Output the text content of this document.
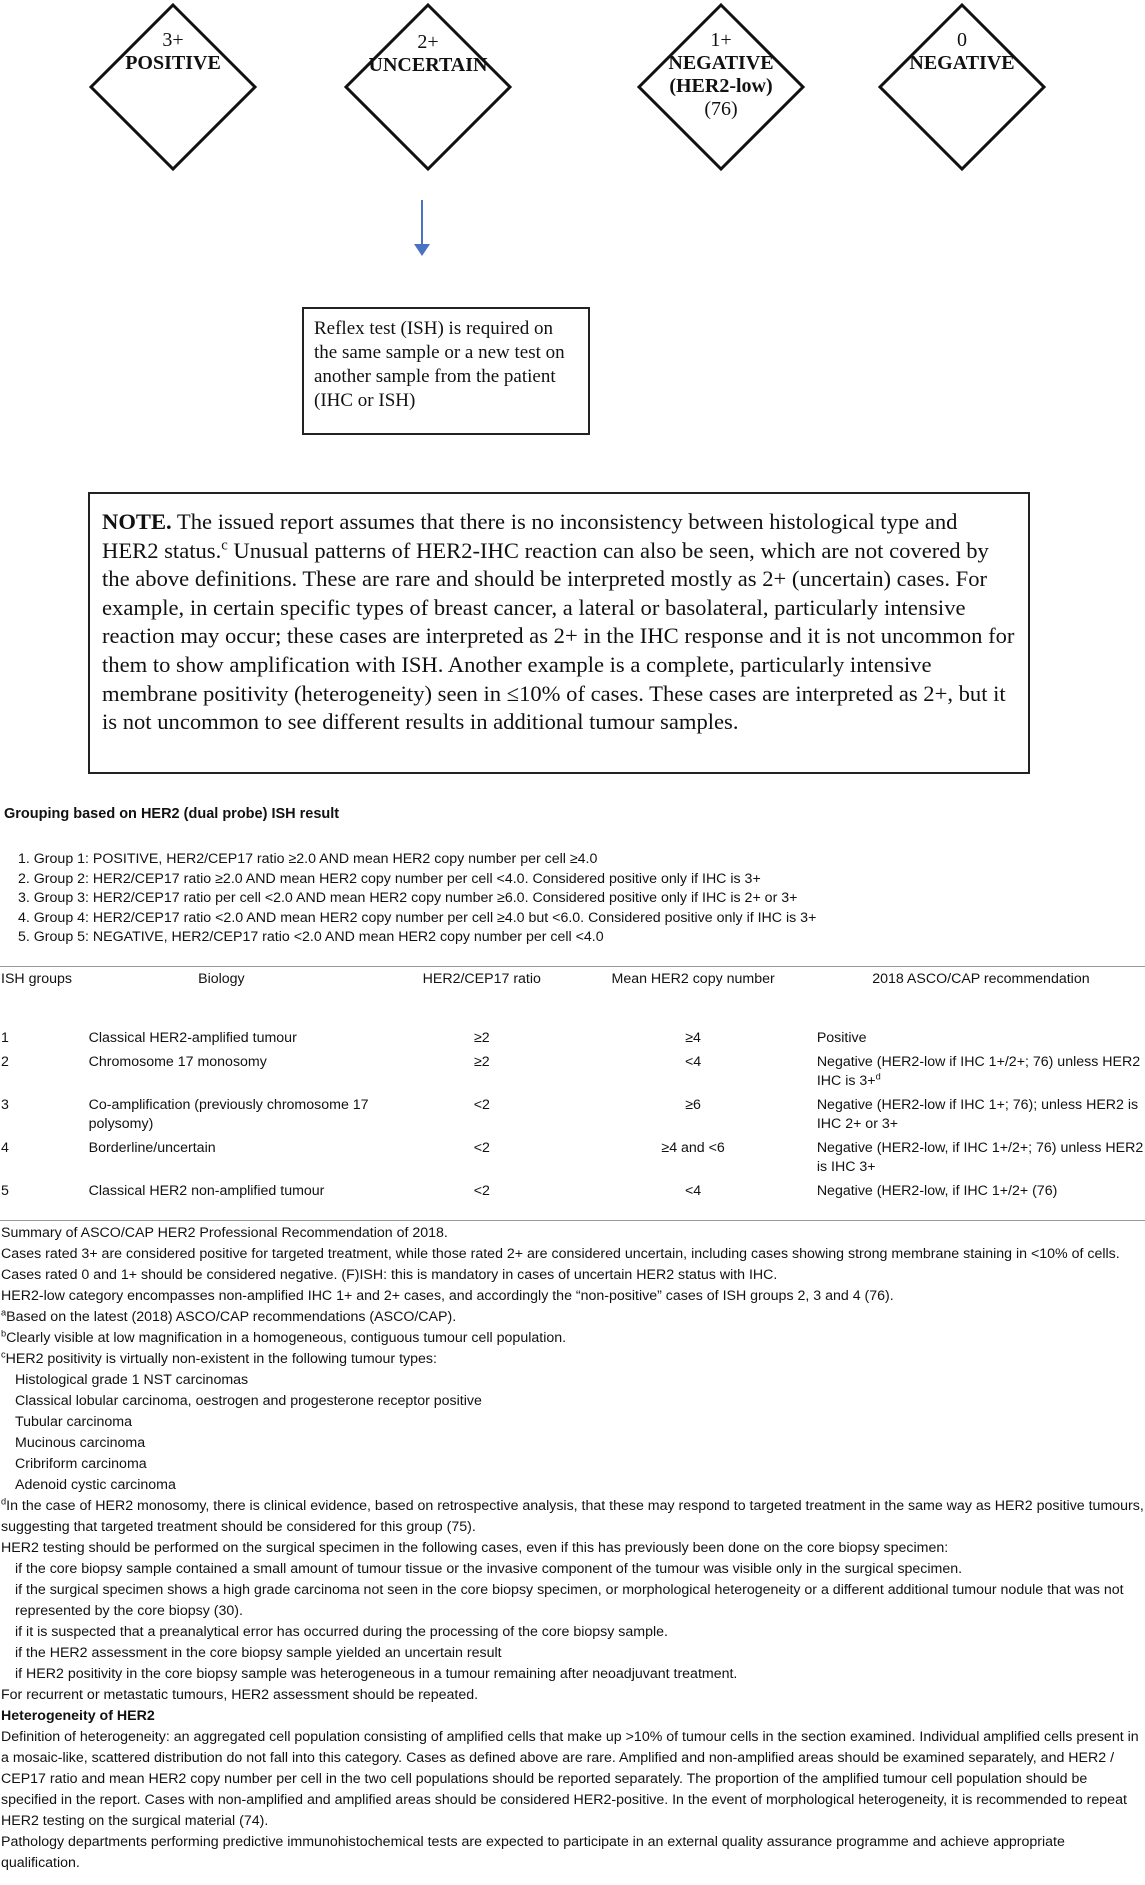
3+
POSITIVE
2+
UNCERTAIN
1+
NEGATIVE
(HER2-low)
(76)
0
NEGATIVE
Reflex test (ISH) is required on the same sample or a new test on another sample from the patient (IHC or ISH)
NOTE. The issued report assumes that there is no inconsistency between histological type and HER2 status.$^c$ Unusual patterns of HER2-IHC reaction can also be seen, which are not covered by the above definitions. These are rare and should be interpreted mostly as 2+ (uncertain) cases. For example, in certain specific types of breast cancer, a lateral or basolateral, particularly intensive reaction may occur; these cases are interpreted as 2+ in the IHC response and it is not uncommon for them to show amplification with ISH. Another example is a complete, particularly intensive membrane positivity (heterogeneity) seen in ≤10% of cases. These cases are interpreted as 2+, but it is not uncommon to see different results in additional tumour samples.
Grouping based on HER2 (dual probe) ISH result
1. Group 1: POSITIVE, HER2/CEP17 ratio ≥2.0 AND mean HER2 copy number per cell ≥4.0
2. Group 2: HER2/CEP17 ratio ≥2.0 AND mean HER2 copy number per cell <4.0. Considered positive only if IHC is 3+
3. Group 3: HER2/CEP17 ratio per cell <2.0 AND mean HER2 copy number ≥6.0. Considered positive only if IHC is 2+ or 3+
4. Group 4: HER2/CEP17 ratio <2.0 AND mean HER2 copy number per cell ≥4.0 but <6.0. Considered positive only if IHC is 3+
5. Group 5: NEGATIVE, HER2/CEP17 ratio <2.0 AND mean HER2 copy number per cell <4.0
ISH groups	Biology	HER2/CEP17 ratio	Mean HER2 copy number	2018 ASCO/CAP recommendation
1	Classical HER2-amplified tumour	≥2	≥4	Positive
2	Chromosome 17 monosomy	≥2	<4	Negative (HER2-low if IHC 1+/2+; 76) unless HER2 IHC is 3+$^d$
3	Co-amplification (previously chromosome 17 polysomy)	<2	≥6	Negative (HER2-low if IHC 1+; 76); unless HER2 is IHC 2+ or 3+
4	Borderline/uncertain	<2	≥4 and <6	Negative (HER2-low, if IHC 1+/2+; 76) unless HER2 is IHC 3+
5	Classical HER2 non-amplified tumour	<2	<4	Negative (HER2-low, if IHC 1+/2+ (76)

Summary of ASCO/CAP HER2 Professional Recommendation of 2018.

Cases rated 3+ are considered positive for targeted treatment, while those rated 2+ are considered uncertain, including cases showing strong membrane staining in <10% of cells. Cases rated 0 and 1+ should be considered negative. (F)ISH: this is mandatory in cases of uncertain HER2 status with IHC.

HER2-low category encompasses non-amplified IHC 1+ and 2+ cases, and accordingly the “non-positive” cases of ISH groups 2, 3 and 4 (76).

$^a$Based on the latest (2018) ASCO/CAP recommendations (ASCO/CAP).

$^b$Clearly visible at low magnification in a homogeneous, contiguous tumour cell population.

$^c$HER2 positivity is virtually non-existent in the following tumour types:

Histological grade 1 NST carcinomas

Classical lobular carcinoma, oestrogen and progesterone receptor positive

Tubular carcinoma

Mucinous carcinoma

Cribriform carcinoma

Adenoid cystic carcinoma

$^d$In the case of HER2 monosomy, there is clinical evidence, based on retrospective analysis, that these may respond to targeted treatment in the same way as HER2 positive tumours, suggesting that targeted treatment should be considered for this group (75).

HER2 testing should be performed on the surgical specimen in the following cases, even if this has previously been done on the core biopsy specimen:

if the core biopsy sample contained a small amount of tumour tissue or the invasive component of the tumour was visible only in the surgical specimen.

if the surgical specimen shows a high grade carcinoma not seen in the core biopsy specimen, or morphological heterogeneity or a different additional tumour nodule that was not represented by the core biopsy (30).

if it is suspected that a preanalytical error has occurred during the processing of the core biopsy sample.

if the HER2 assessment in the core biopsy sample yielded an uncertain result

if HER2 positivity in the core biopsy sample was heterogeneous in a tumour remaining after neoadjuvant treatment.

For recurrent or metastatic tumours, HER2 assessment should be repeated.

Heterogeneity of HER2

Definition of heterogeneity: an aggregated cell population consisting of amplified cells that make up >10% of tumour cells in the section examined. Individual amplified cells present in a mosaic-like, scattered distribution do not fall into this category. Cases as defined above are rare. Amplified and non-amplified areas should be examined separately, and HER2 / CEP17 ratio and mean HER2 copy number per cell in the two cell populations should be reported separately. The proportion of the amplified tumour cell population should be specified in the report. Cases with non-amplified and amplified areas should be considered HER2-positive. In the event of morphological heterogeneity, it is recommended to repeat HER2 testing on the surgical material (74).

Pathology departments performing predictive immunohistochemical tests are expected to participate in an external quality assurance programme and achieve appropriate qualification.
